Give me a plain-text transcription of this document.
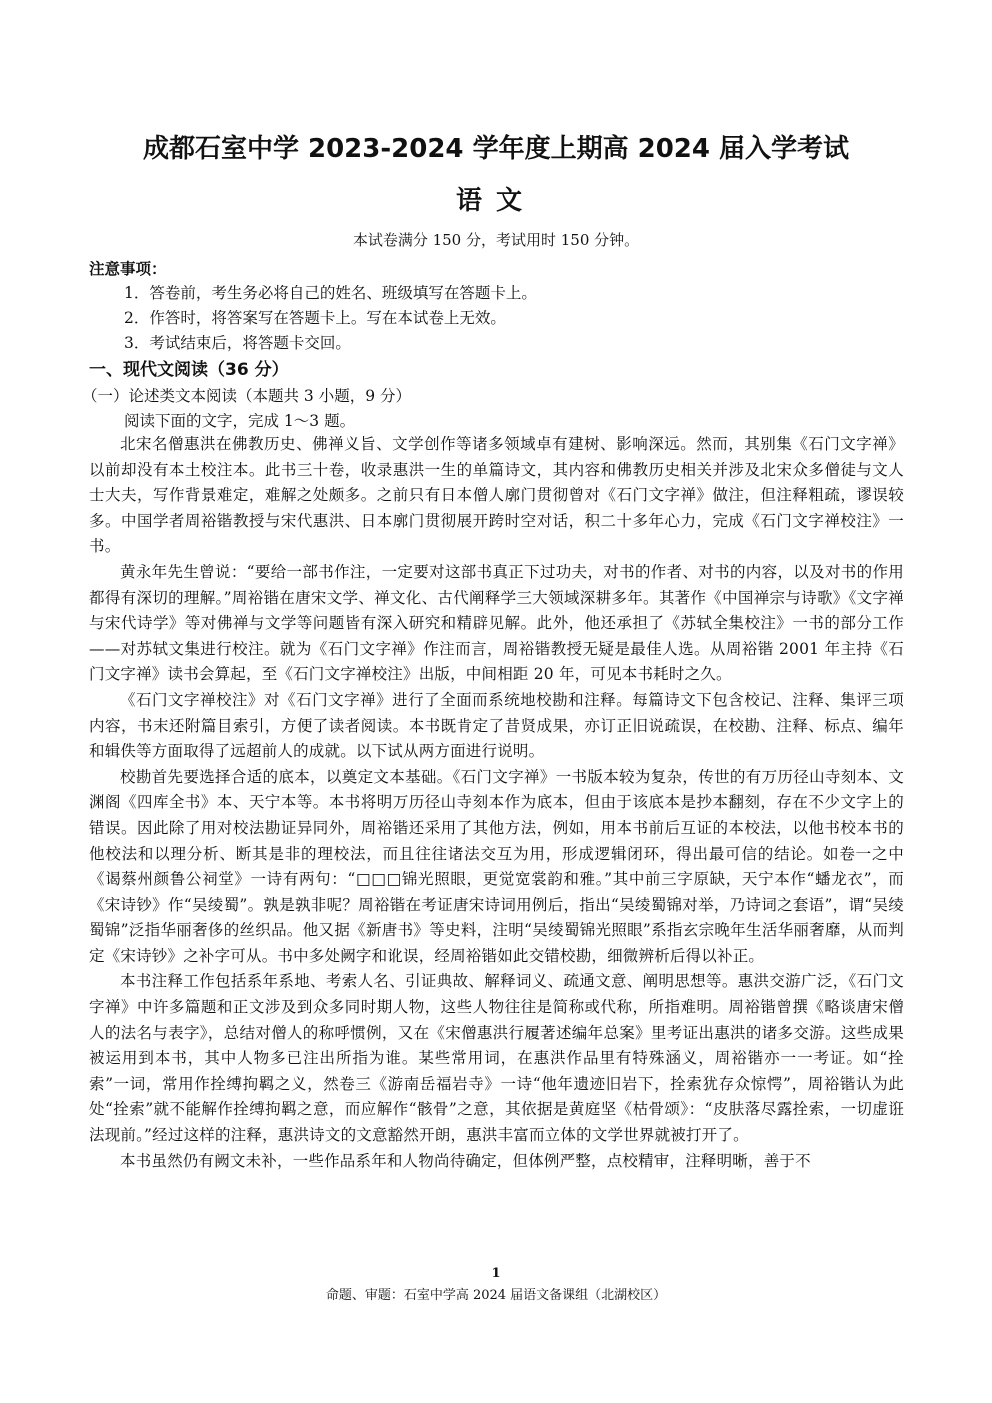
成都石室中学 2023-2024 学年度上期高 2024 届入学考试
语文
本试卷满分 150 分，考试用时 150 分钟。
注意事项：
1．答卷前，考生务必将自己的姓名、班级填写在答题卡上。
2．作答时，将答案写在答题卡上。写在本试卷上无效。
3．考试结束后，将答题卡交回。
一、现代文阅读（36 分）
（一）论述类文本阅读（本题共 3 小题，9 分）
阅读下面的文字，完成 1～3 题。

北宋名僧惠洪在佛教历史、佛禅义旨、文学创作等诸多领域卓有建树、影响深远。然而，其别集《石门文字禅》以前却没有本土校注本。此书三十卷，收录惠洪一生的单篇诗文，其内容和佛教历史相关并涉及北宋众多僧徒与文人士大夫，写作背景难定，难解之处颇多。之前只有日本僧人廓门贯彻曾对《石门文字禅》做注，但注释粗疏，谬误较多。中国学者周裕锴教授与宋代惠洪、日本廓门贯彻展开跨时空对话，积二十多年心力，完成《石门文字禅校注》一书。

黄永年先生曾说：“要给一部书作注，一定要对这部书真正下过功夫，对书的作者、对书的内容，以及对书的作用都得有深切的理解。”周裕锴在唐宋文学、禅文化、古代阐释学三大领域深耕多年。其著作《中国禅宗与诗歌》《文字禅与宋代诗学》等对佛禅与文学等问题皆有深入研究和精辟见解。此外，他还承担了《苏轼全集校注》一书的部分工作——对苏轼文集进行校注。就为《石门文字禅》作注而言，周裕锴教授无疑是最佳人选。从周裕锴 2001 年主持《石门文字禅》读书会算起，至《石门文字禅校注》出版，中间相距 20 年，可见本书耗时之久。

《石门文字禅校注》对《石门文字禅》进行了全面而系统地校勘和注释。每篇诗文下包含校记、注释、集评三项内容，书末还附篇目索引，方便了读者阅读。本书既肯定了昔贤成果，亦订正旧说疏误，在校勘、注释、标点、编年和辑佚等方面取得了远超前人的成就。以下试从两方面进行说明。

校勘首先要选择合适的底本，以奠定文本基础。《石门文字禅》一书版本较为复杂，传世的有万历径山寺刻本、文渊阁《四库全书》本、天宁本等。本书将明万历径山寺刻本作为底本，但由于该底本是抄本翻刻，存在不少文字上的错误。因此除了用对校法勘证异同外，周裕锴还采用了其他方法，例如，用本书前后互证的本校法，以他书校本书的他校法和以理分析、断其是非的理校法，而且往往诸法交互为用，形成逻辑闭环，得出最可信的结论。如卷一之中《谒蔡州颜鲁公祠堂》一诗有两句：“□□□锦光照眼，更觉宽裳韵和雅。”其中前三字原缺，天宁本作“蟠龙衣”，而《宋诗钞》作“吴绫蜀”。孰是孰非呢？周裕锴在考证唐宋诗词用例后，指出“吴绫蜀锦对举，乃诗词之套语”，谓“吴绫蜀锦”泛指华丽奢侈的丝织品。他又据《新唐书》等史料，注明“吴绫蜀锦光照眼”系指玄宗晚年生活华丽奢靡，从而判定《宋诗钞》之补字可从。书中多处阙字和讹误，经周裕锴如此交错校勘，细微辨析后得以补正。

本书注释工作包括系年系地、考索人名、引证典故、解释词义、疏通文意、阐明思想等。惠洪交游广泛，《石门文字禅》中许多篇题和正文涉及到众多同时期人物，这些人物往往是简称或代称，所指难明。周裕锴曾撰《略谈唐宋僧人的法名与表字》，总结对僧人的称呼惯例，又在《宋僧惠洪行履著述编年总案》里考证出惠洪的诸多交游。这些成果被运用到本书，其中人物多已注出所指为谁。某些常用词，在惠洪作品里有特殊涵义，周裕锴亦一一考证。如“拴索”一词，常用作拴缚拘羁之义，然卷三《游南岳福岩寺》一诗“他年遗迹旧岩下，拴索犹存众惊愕”，周裕锴认为此处“拴索”就不能解作拴缚拘羁之意，而应解作“骸骨”之意，其依据是黄庭坚《枯骨颂》：“皮肤落尽露拴索，一切虚诳法现前。”经过这样的注释，惠洪诗文的文意豁然开朗，惠洪丰富而立体的文学世界就被打开了。

本书虽然仍有阙文未补，一些作品系年和人物尚待确定，但体例严整，点校精审，注释明晰，善于不

1
命题、审题：石室中学高 2024 届语文备课组（北湖校区）
